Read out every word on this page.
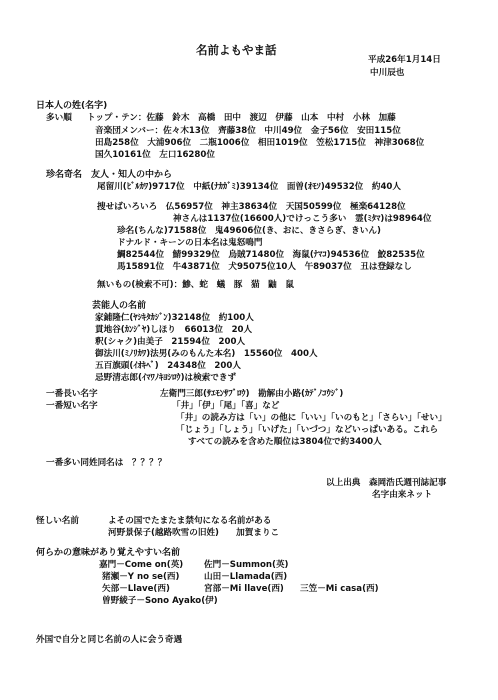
名前よもやま話
平成26年1月14日
中川辰也
日本人の姓(名字)
多い順 トップ・テン：佐藤　鈴木　高橋　田中　渡辺　伊藤　山本　中村　小林　加藤
音楽団メンバー：佐々木13位　齊藤38位　中川49位　金子56位　安田115位
田島258位　大浦906位　二瓶1006位　相田1019位　笠松1715位　神津3068位
国久10161位　左口16280位
珍名奇名　友人・知人の中から
尾留川(ﾋﾞﾙｶﾜ)9717位　中紙(ﾅｶｶﾞﾐ)39134位　面曽(ｵﾓｿ)49532位　約40人
捜せばいろいろ　仏56957位　神主38634位　天国50599位　極楽64128位
神さんは1137位(16600人)でけっこう多い　霊(ﾐﾀﾏ)は98964位
珍名(ちんな)71588位　鬼49606位(き、おに、きさらぎ、きいん)
ドナルド・キーンの日本名は鬼怒鳴門
鯛82544位　鯖99329位　烏賊71480位　海鼠(ﾅﾏｺ)94536位　鮫82535位
馬15891位　牛43871位　犬95075位10人　午89037位　丑は登録なし
無いもの(検索不可)：鯵、蛇　蟻　豚　猫　鼬　鼠
芸能人の名前
家鋪隆仁(ﾔｼｷﾀｶｼﾞﾝ)32148位　約100人
貫地谷(ｶﾝｼﾞﾔ)しほり　66013位　20人
釈(シャク)由美子　21594位　200人
御法川(ﾐﾉﾘｶﾜ)法男(みのもんた本名)　15560位　400人
五百旗頭(ｲｵｷﾍﾞ)　24348位　200人
忌野清志郎(ｲﾏﾜﾉｷﾖｼﾛｳ)は検索できず
一番長い名字	左衛門三郎(ｻｴﾓﾝｻﾌﾞﾛｳ)　勘解由小路(ｶﾃﾞﾉｺｳｼﾞ)
一番短い名字	「井」「伊」「尾」「喜」など
「井」の読み方は「い」の他に「いい」「いのもと」「さらい」「せい」
「じょう」「しょう」「いげた」「いづつ」などいっぱいある。これら
すべての読みを含めた順位は3804位で約3400人
一番多い同姓同名は　？？？？
以上出典　森岡浩氏週刊誌記事
名字由来ネット
怪しい名前	よその国でたまたま禁句になる名前がある
河野景保子(越路吹雪の旧姓)　　加賀まりこ
何らかの意味があり覚えやすい名前
嘉門－Come on(英) 佐門－Summon(英)
猪瀬－Y no se(西)	山田－Llamada(西)
矢部－Llave(西)	宮部－Mi llave(西) 三笠－Mi casa(西)
曽野綾子－Sono Ayako(伊)
外国で自分と同じ名前の人に会う奇遇
